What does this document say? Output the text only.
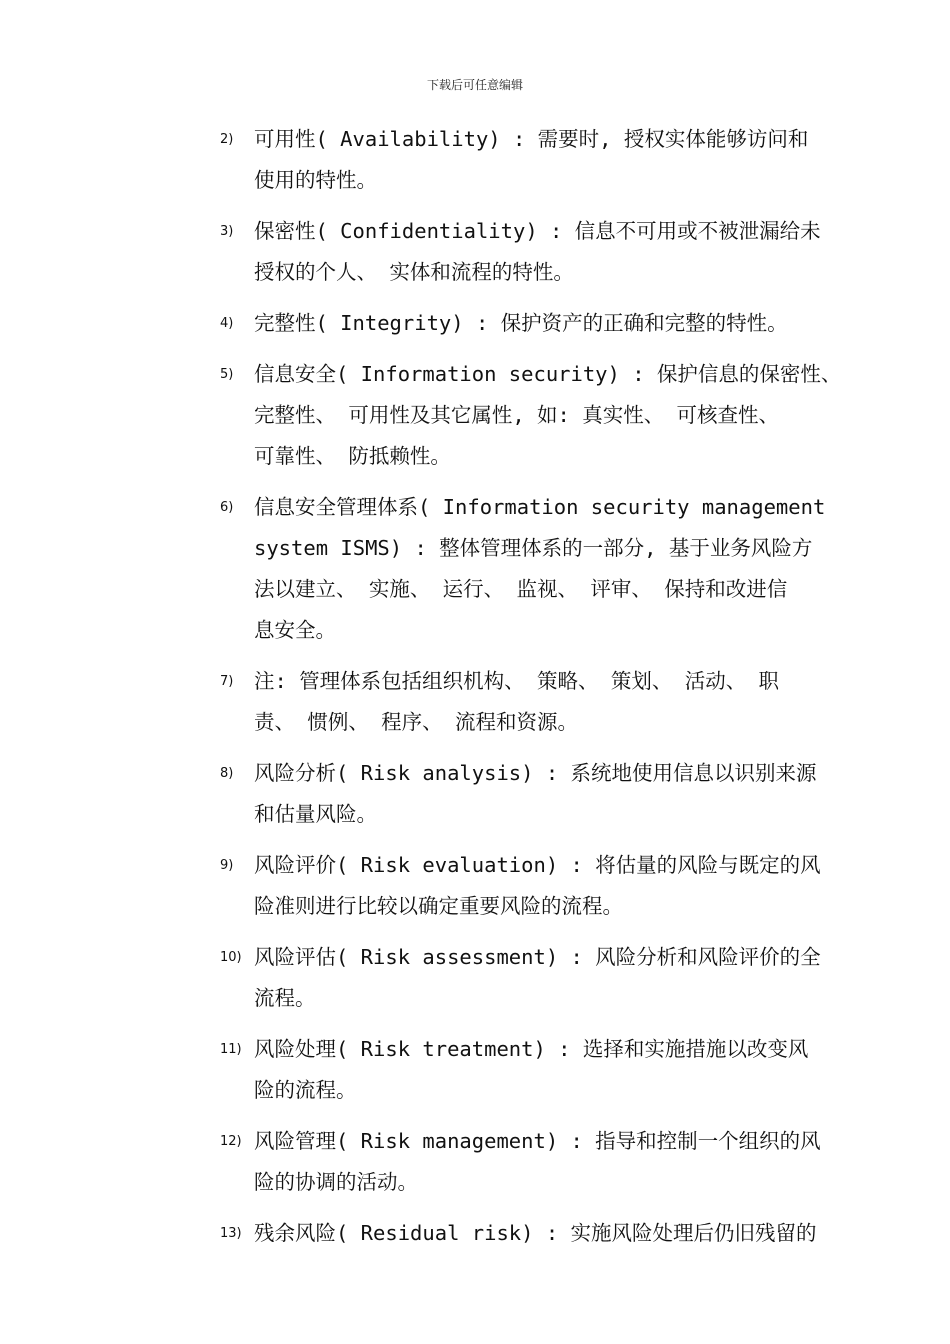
下载后可任意编辑
2) 可用性( Availability) : 需要时, 授权实体能够访问和
使用的特性。
3) 保密性( Confidentiality) : 信息不可用或不被泄漏给未
授权的个人、 实体和流程的特性。
4) 完整性( Integrity) : 保护资产的正确和完整的特性。
5) 信息安全( Information security) : 保护信息的保密性、
完整性、 可用性及其它属性, 如: 真实性、 可核查性、
可靠性、 防抵赖性。
6) 信息安全管理体系( Information security management
system ISMS) : 整体管理体系的一部分, 基于业务风险方
法以建立、 实施、 运行、 监视、 评审、 保持和改进信
息安全。
7) 注: 管理体系包括组织机构、 策略、 策划、 活动、 职
责、 惯例、 程序、 流程和资源。
8) 风险分析( Risk analysis) : 系统地使用信息以识别来源
和估量风险。
9) 风险评价( Risk evaluation) : 将估量的风险与既定的风
险准则进行比较以确定重要风险的流程。
10) 风险评估( Risk assessment) : 风险分析和风险评价的全
流程。
11) 风险处理( Risk treatment) : 选择和实施措施以改变风
险的流程。
12) 风险管理( Risk management) : 指导和控制一个组织的风
险的协调的活动。
13) 残余风险( Residual risk) : 实施风险处理后仍旧残留的
